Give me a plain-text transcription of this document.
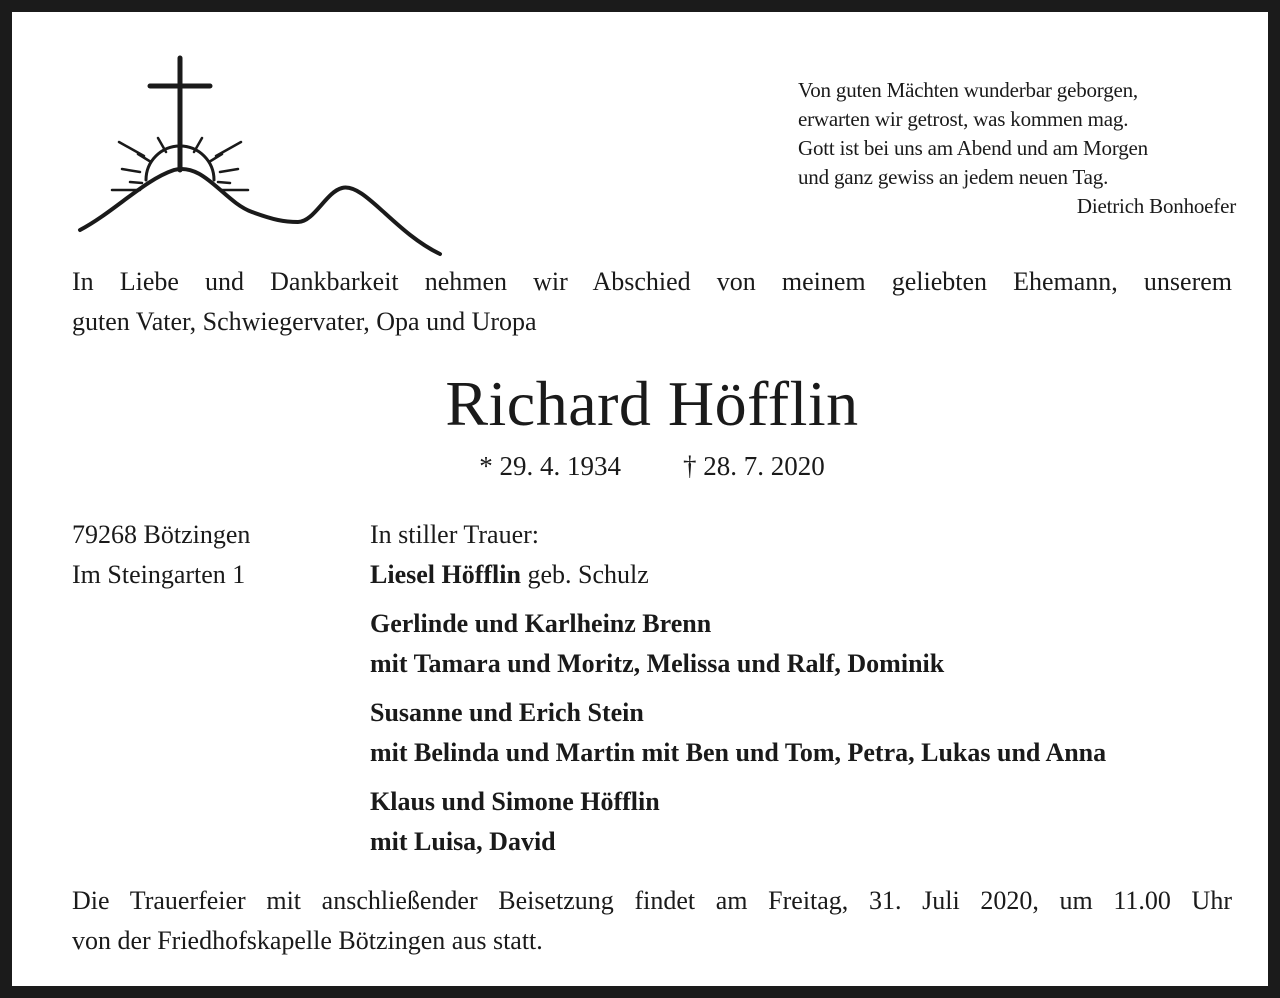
Von guten Mächten wunderbar geborgen,
erwarten wir getrost, was kommen mag.
Gott ist bei uns am Abend und am Morgen
und ganz gewiss an jedem neuen Tag.
Dietrich Bonhoefer
In Liebe und Dankbarkeit nehmen wir Abschied von meinem geliebten Ehemann, unserem
guten Vater, Schwiegervater, Opa und Uropa
Richard Höfflin
* 29. 4. 1934 † 28. 7. 2020
79268 Bötzingen
Im Steingarten 1
In stiller Trauer:
Liesel Höfflin geb. Schulz
Gerlinde und Karlheinz Brenn
mit Tamara und Moritz, Melissa und Ralf, Dominik
Susanne und Erich Stein
mit Belinda und Martin mit Ben und Tom, Petra, Lukas und Anna
Klaus und Simone Höfflin
mit Luisa, David
Die Trauerfeier mit anschließender Beisetzung findet am Freitag, 31. Juli 2020, um 11.00 Uhr
von der Friedhofskapelle Bötzingen aus statt.
